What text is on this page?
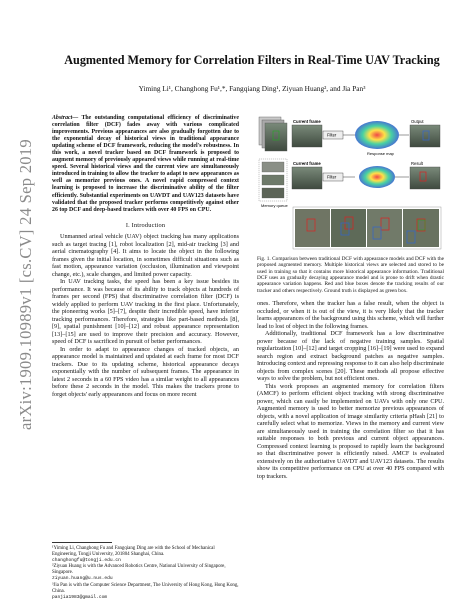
arXiv:1909.10989v1 [cs.CV] 24 Sep 2019
Augmented Memory for Correlation Filters in Real-Time UAV Tracking
Yiming Li¹, Changhong Fu¹,*, Fangqiang Ding¹, Ziyuan Huang², and Jia Pan³
Abstract— The outstanding computational efficiency of discriminative correlation filter (DCF) fades away with various complicated improvements. Previous appearances are also gradually forgotten due to the exponential decay of historical views in traditional appearance updating scheme of DCF framework, reducing the model's robustness. In this work, a novel tracker based on DCF framework is proposed to augment memory of previously appeared views while running at real-time speed. Several historical views and the current view are simultaneously introduced in training to allow the tracker to adapt to new appearances as well as memorize previous ones. A novel rapid compressed context learning is proposed to increase the discriminative ability of the filter efficiently. Substantial experiments on UAVDT and UAV123 datasets have validated that the proposed tracker performs competitively against other 26 top DCF and deep-based trackers with over 40 FPS on CPU.
I. Introduction

Unmanned arieal vehicle (UAV) object tracking has many applications such as target tracing [1], robot localization [2], mid-air tracking [3] and aerial cinematography [4]. It aims to locate the object in the following frames given the initial location, in sometimes difficult situations such as fast motion, appearance variation (occlusion, illumination and viewpoint change, etc.), scale changes, and limited power capacity.

In UAV tracking tasks, the speed has been a key issue besides its performance. It was because of its ability to track objects at hundreds of frames per second (FPS) that discriminative correlation filter (DCF) is widely applied to perform UAV tracking in the first place. Unfortunately, the pioneering works [5]–[7], despite their incredible speed, have inferior tracking performances. Therefore, strategies like part-based methods [8], [9], spatial punishment [10]–[12] and robust appearance representation [13]–[15] are used to improve their precision and accuracy. However, speed of DCF is sacrificed in pursuit of better performances.

In order to adapt to appearance changes of tracked objects, an appearance model is maintained and updated at each frame for most DCF trackers. Due to its updating scheme, historical appearance decays exponentially with the number of subsequent frames. The appearance in latest 2 seconds in a 60 FPS video has a similar weight to all appearances before these 2 seconds in the model. This makes the trackers prone to forget objects' early appearances and focus on more recent

¹Yiming Li, Changhong Fu and Fangqiang Ding are with the School of Mechanical Engineering, Tongji University, 201804 Shanghai, China.
changhongfu@tongji.edu.cn
²Ziyuan Huang is with the Advanced Robotics Centre, National University of Singapore, Singapore.
ziyuan.huang@u.nus.edu
³Jia Pan is with the Computer Science Department, The University of Hong Kong, Hong Kong, China.
panjia1983@gmail.com
Current frame
Filter
Response map
Output
Memory queue
Current frame
Filter
Result
Fig. 1. Comparison between traditional DCF with appearance models and DCF with the proposed augmented memory. Multiple historical views are selected and stored to be used in training so that it contains more historical appearance information. Traditional DCF uses an gradually decaying appearance model and is prone to drift when drastic appearance variation happens. Red and blue boxes denote the tracking results of our tracker and others respectively. Ground truth is displayed as green box.

ones. Therefore, when the tracker has a false result, when the object is occluded, or when it is out of the view, it is very likely that the tracker learns appearances of the background using this scheme, which will further lead to lost of object in the following frames.

Additionally, traditional DCF framework has a low discriminative power because of the lack of negative training samples. Spatial regularization [10]–[12] and target cropping [16]–[19] were used to expand search region and extract background patches as negative samples. Introducing context and repressing response to it can also help discriminate objects from complex scenes [20]. These methods all propose effective ways to solve the problem, but not efficient ones.

This work proposes an augmented memory for correlation filters (AMCF) to perform efficient object tracking with strong discriminative power, which can easily be implemented on UAVs with only one CPU. Augmented memory is used to better memorize previous appearances of objects, with a novel application of image similarity criteria pHash [21] to carefully select what to memorize. Views in the memory and current view are simultaneously used in training the correlation filter so that it has suitable responses to both previous and current object appearances. Compressed context learning is proposed to rapidly learn the background so that discriminative power is efficiently raised. AMCF is evaluated extensively on the authoritative UAVDT and UAV123 datasets. The results show its competitive performance on CPU at over 40 FPS compared with top trackers.
